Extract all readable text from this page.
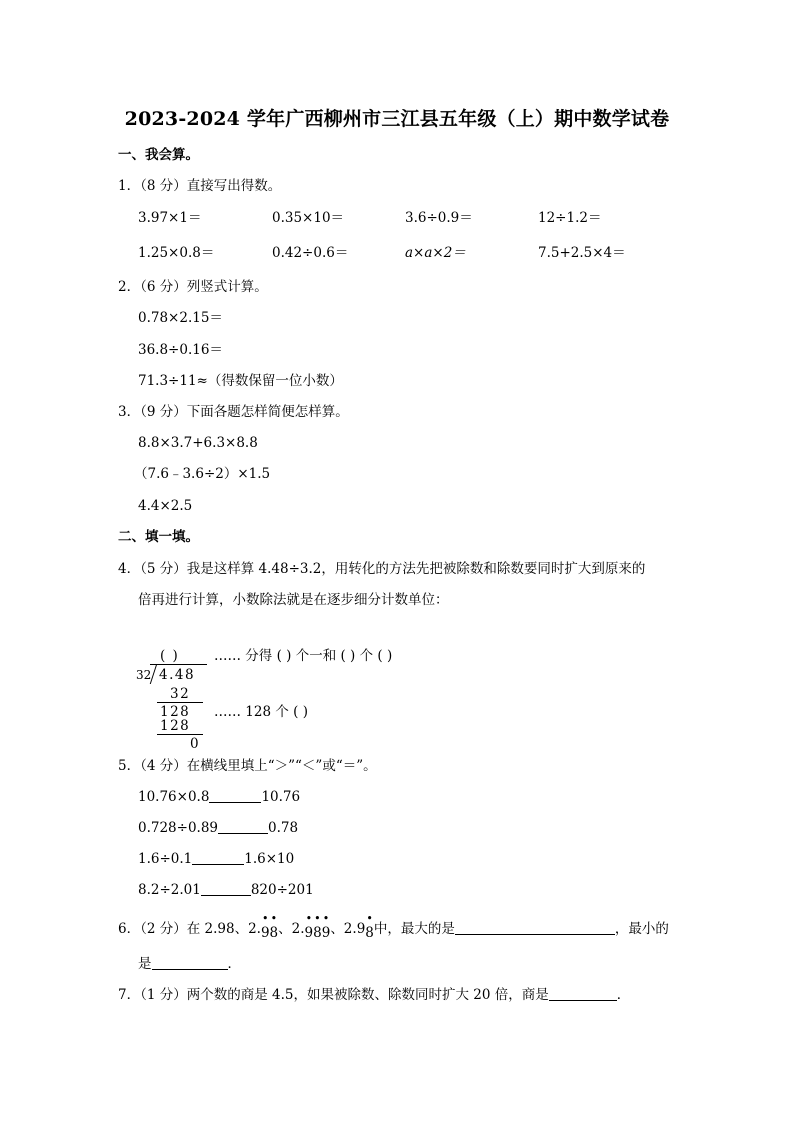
2023-2024 学年广西柳州市三江县五年级（上）期中数学试卷
一、我会算。
1．（8 分）直接写出得数。
3.97×1＝	0.35×10＝	3.6÷0.9＝	12÷1.2＝
1.25×0.8＝	0.42÷0.6＝	a×a×2＝	7.5+2.5×4＝
2．（6 分）列竖式计算。
0.78×2.15＝
36.8÷0.16＝
71.3÷11≈（得数保留一位小数）
3．（9 分）下面各题怎样简便怎样算。
8.8×3.7+6.3×8.8
（7.6﹣3.6÷2）×1.5
4.4×2.5
二、填一填。
4．（5 分）我是这样算 4.48÷3.2，用转化的方法先把被除数和除数要同时扩大到原来的
倍再进行计算，小数除法就是在逐步细分计数单位：
( )
32 4.48
32
128
128
0
…… 分得 ( ) 个一和 ( ) 个 ( )
…… 128 个 ( )
5．（4 分）在横线里填上“＞”“＜”或“＝”。
10.76×0.8	10.76
0.728÷0.89	0.78
1.6÷0.1	1.6×10
8.2÷2.01	820÷201
6．（2 分）在 2.98、2.
•
9
•
8、2.
•
9
•
8
•
9、2.9
•
8中，最大的是	，最小的
是	．
7．（1 分）两个数的商是 4.5，如果被除数、除数同时扩大 20 倍，商是	．
